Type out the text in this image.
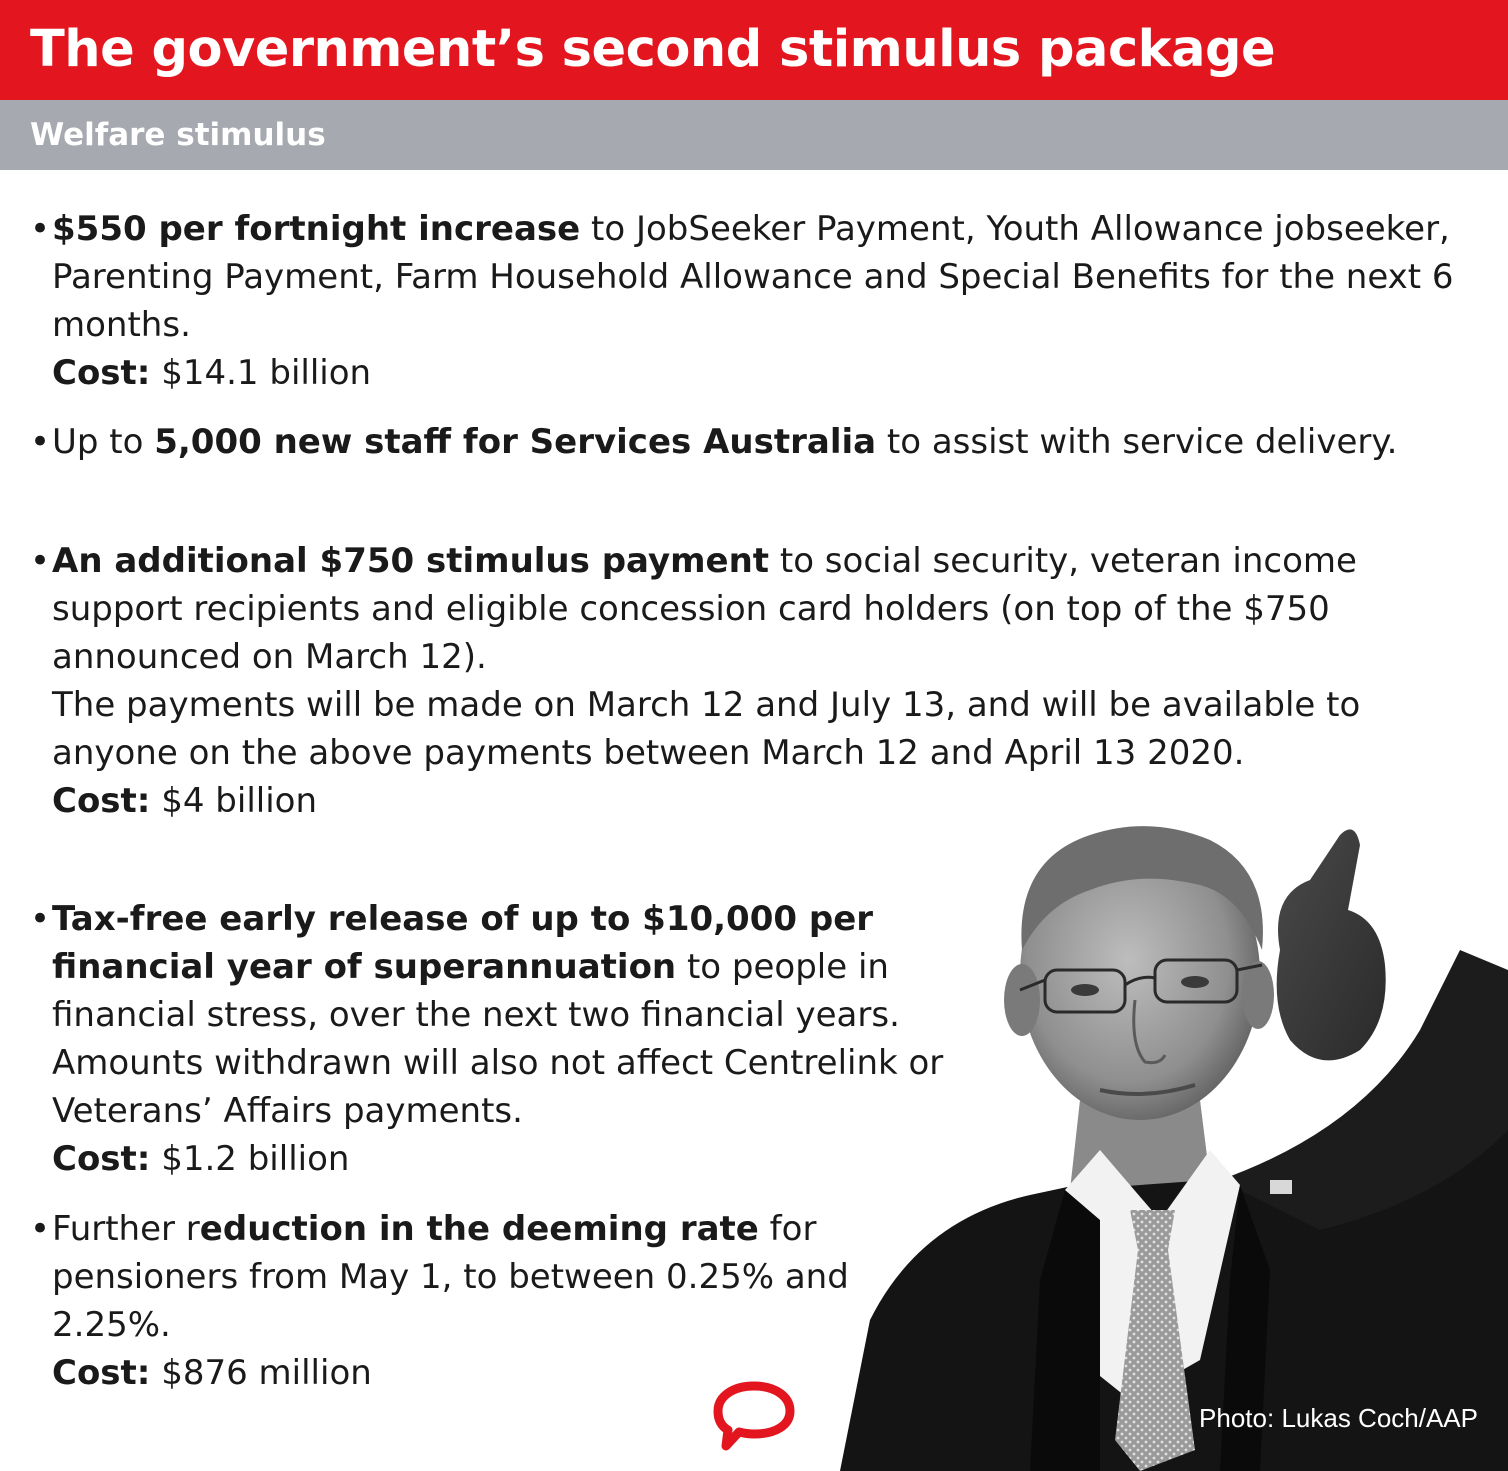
The government’s second stimulus package
Welfare stimulus
• $550 per fortnight increase to JobSeeker Payment, Youth Allowance jobseeker, Parenting Payment, Farm Household Allowance and Special Benefits for the next 6 months.

Cost: $14.1 billion

• Up to 5,000 new staff for Services Australia to assist with service delivery.

• An additional $750 stimulus payment to social security, veteran income support recipients and eligible concession card holders (on top of the $750 announced on March 12).

The payments will be made on March 12 and July 13, and will be available to anyone on the above payments between March 12 and April 13 2020.

Cost: $4 billion

• Tax-free early release of up to $10,000 per financial year of superannuation to people in financial stress, over the next two financial years. Amounts withdrawn will also not affect Centrelink or Veterans’ Affairs payments.

Cost: $1.2 billion

• Further reduction in the deeming rate for pensioners from May 1, to between 0.25% and 2.25%.

Cost: $876 million

Photo: Lukas Coch/AAP
